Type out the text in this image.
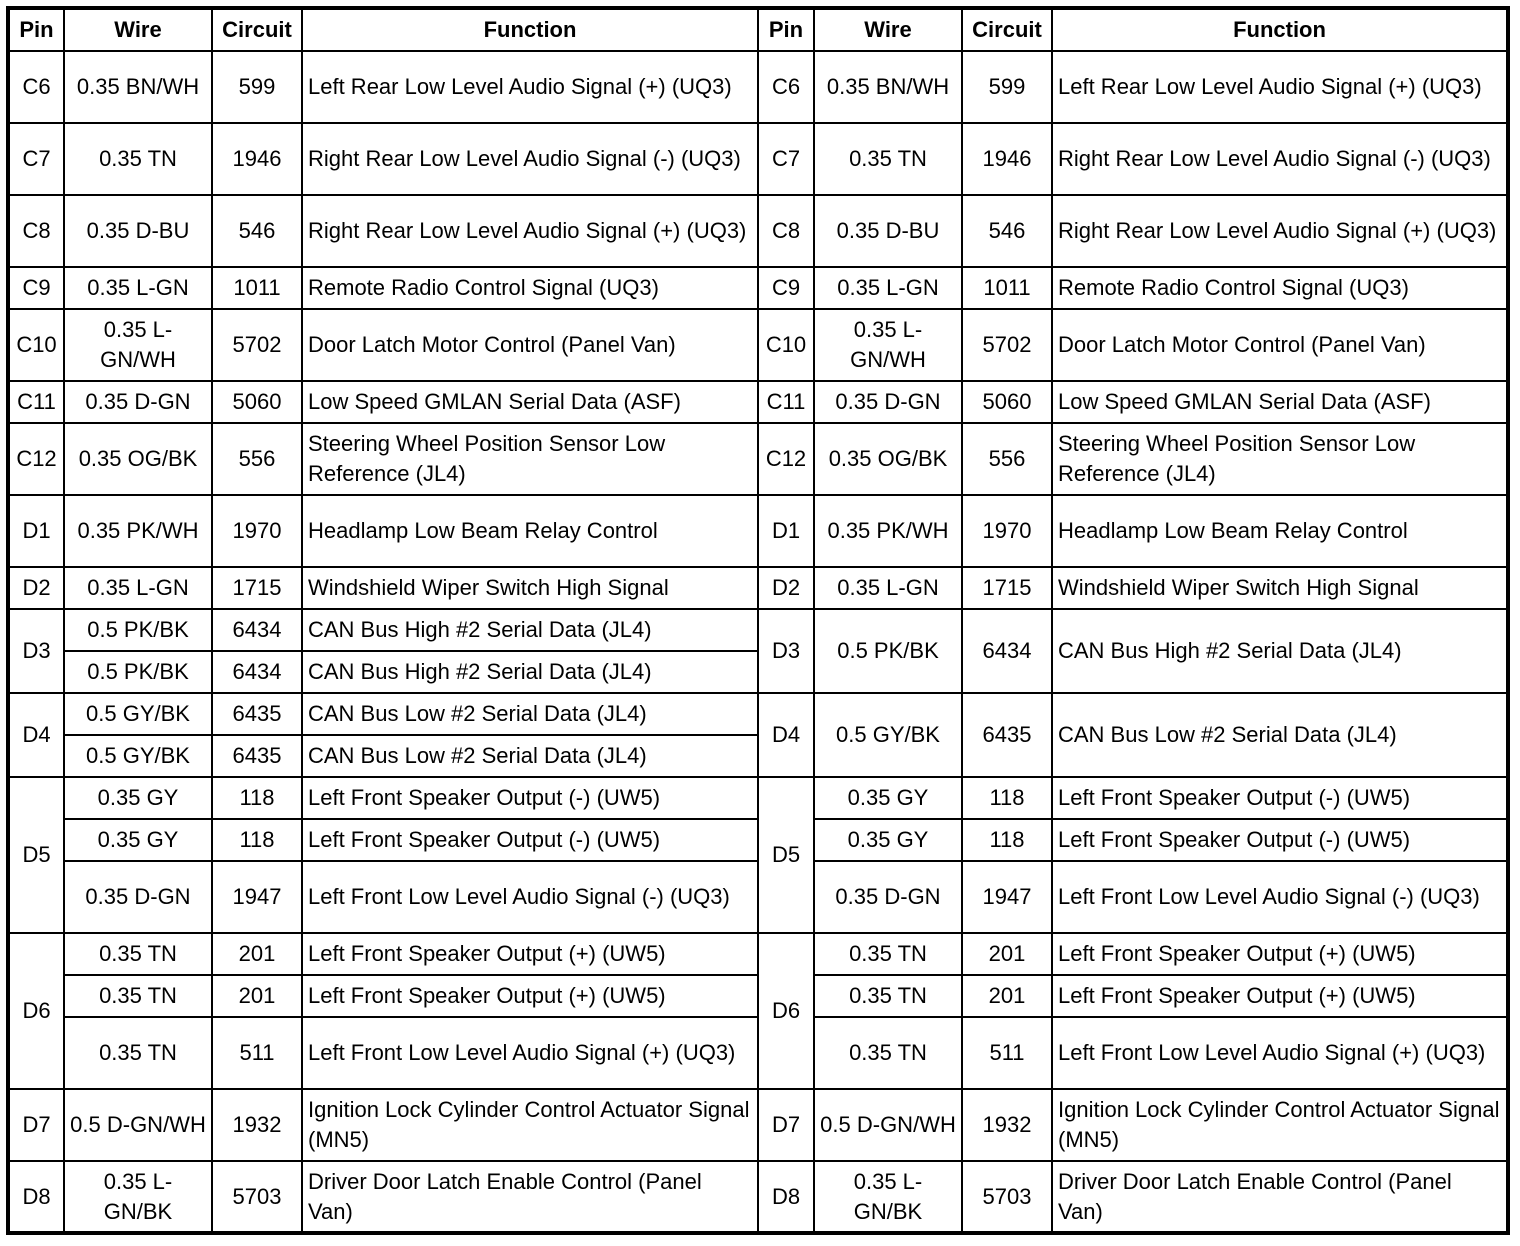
Pin	Wire	Circuit	Function	Pin	Wire	Circuit	Function
C6	0.35 BN/WH	599	Left Rear Low Level Audio Signal (+) (UQ3)	C6	0.35 BN/WH	599	Left Rear Low Level Audio Signal (+) (UQ3)
C7	0.35 TN	1946	Right Rear Low Level Audio Signal (-) (UQ3)	C7	0.35 TN	1946	Right Rear Low Level Audio Signal (-) (UQ3)
C8	0.35 D-BU	546	Right Rear Low Level Audio Signal (+) (UQ3)	C8	0.35 D-BU	546	Right Rear Low Level Audio Signal (+) (UQ3)
C9	0.35 L-GN	1011	Remote Radio Control Signal (UQ3)	C9	0.35 L-GN	1011	Remote Radio Control Signal (UQ3)
C10	0.35 L-GN/WH	5702	Door Latch Motor Control (Panel Van)	C10	0.35 L-GN/WH	5702	Door Latch Motor Control (Panel Van)
C11	0.35 D-GN	5060	Low Speed GMLAN Serial Data (ASF)	C11	0.35 D-GN	5060	Low Speed GMLAN Serial Data (ASF)
C12	0.35 OG/BK	556	Steering Wheel Position Sensor Low Reference (JL4)	C12	0.35 OG/BK	556	Steering Wheel Position Sensor Low Reference (JL4)
D1	0.35 PK/WH	1970	Headlamp Low Beam Relay Control	D1	0.35 PK/WH	1970	Headlamp Low Beam Relay Control
D2	0.35 L-GN	1715	Windshield Wiper Switch High Signal	D2	0.35 L-GN	1715	Windshield Wiper Switch High Signal
D3	0.5 PK/BK	6434	CAN Bus High #2 Serial Data (JL4)	D3	0.5 PK/BK	6434	CAN Bus High #2 Serial Data (JL4)
	0.5 PK/BK	6434	CAN Bus High #2 Serial Data (JL4)				
D4	0.5 GY/BK	6435	CAN Bus Low #2 Serial Data (JL4)	D4	0.5 GY/BK	6435	CAN Bus Low #2 Serial Data (JL4)
	0.5 GY/BK	6435	CAN Bus Low #2 Serial Data (JL4)				
D5	0.35 GY	118	Left Front Speaker Output (-) (UW5)	D5	0.35 GY	118	Left Front Speaker Output (-) (UW5)
	0.35 GY	118	Left Front Speaker Output (-) (UW5)		0.35 GY	118	Left Front Speaker Output (-) (UW5)
	0.35 D-GN	1947	Left Front Low Level Audio Signal (-) (UQ3)		0.35 D-GN	1947	Left Front Low Level Audio Signal (-) (UQ3)
D6	0.35 TN	201	Left Front Speaker Output (+) (UW5)	D6	0.35 TN	201	Left Front Speaker Output (+) (UW5)
	0.35 TN	201	Left Front Speaker Output (+) (UW5)		0.35 TN	201	Left Front Speaker Output (+) (UW5)
	0.35 TN	511	Left Front Low Level Audio Signal (+) (UQ3)		0.35 TN	511	Left Front Low Level Audio Signal (+) (UQ3)
D7	0.5 D-GN/WH	1932	Ignition Lock Cylinder Control Actuator Signal (MN5)	D7	0.5 D-GN/WH	1932	Ignition Lock Cylinder Control Actuator Signal (MN5)
D8	0.35 L-GN/BK	5703	Driver Door Latch Enable Control (Panel Van)	D8	0.35 L-GN/BK	5703	Driver Door Latch Enable Control (Panel Van)
